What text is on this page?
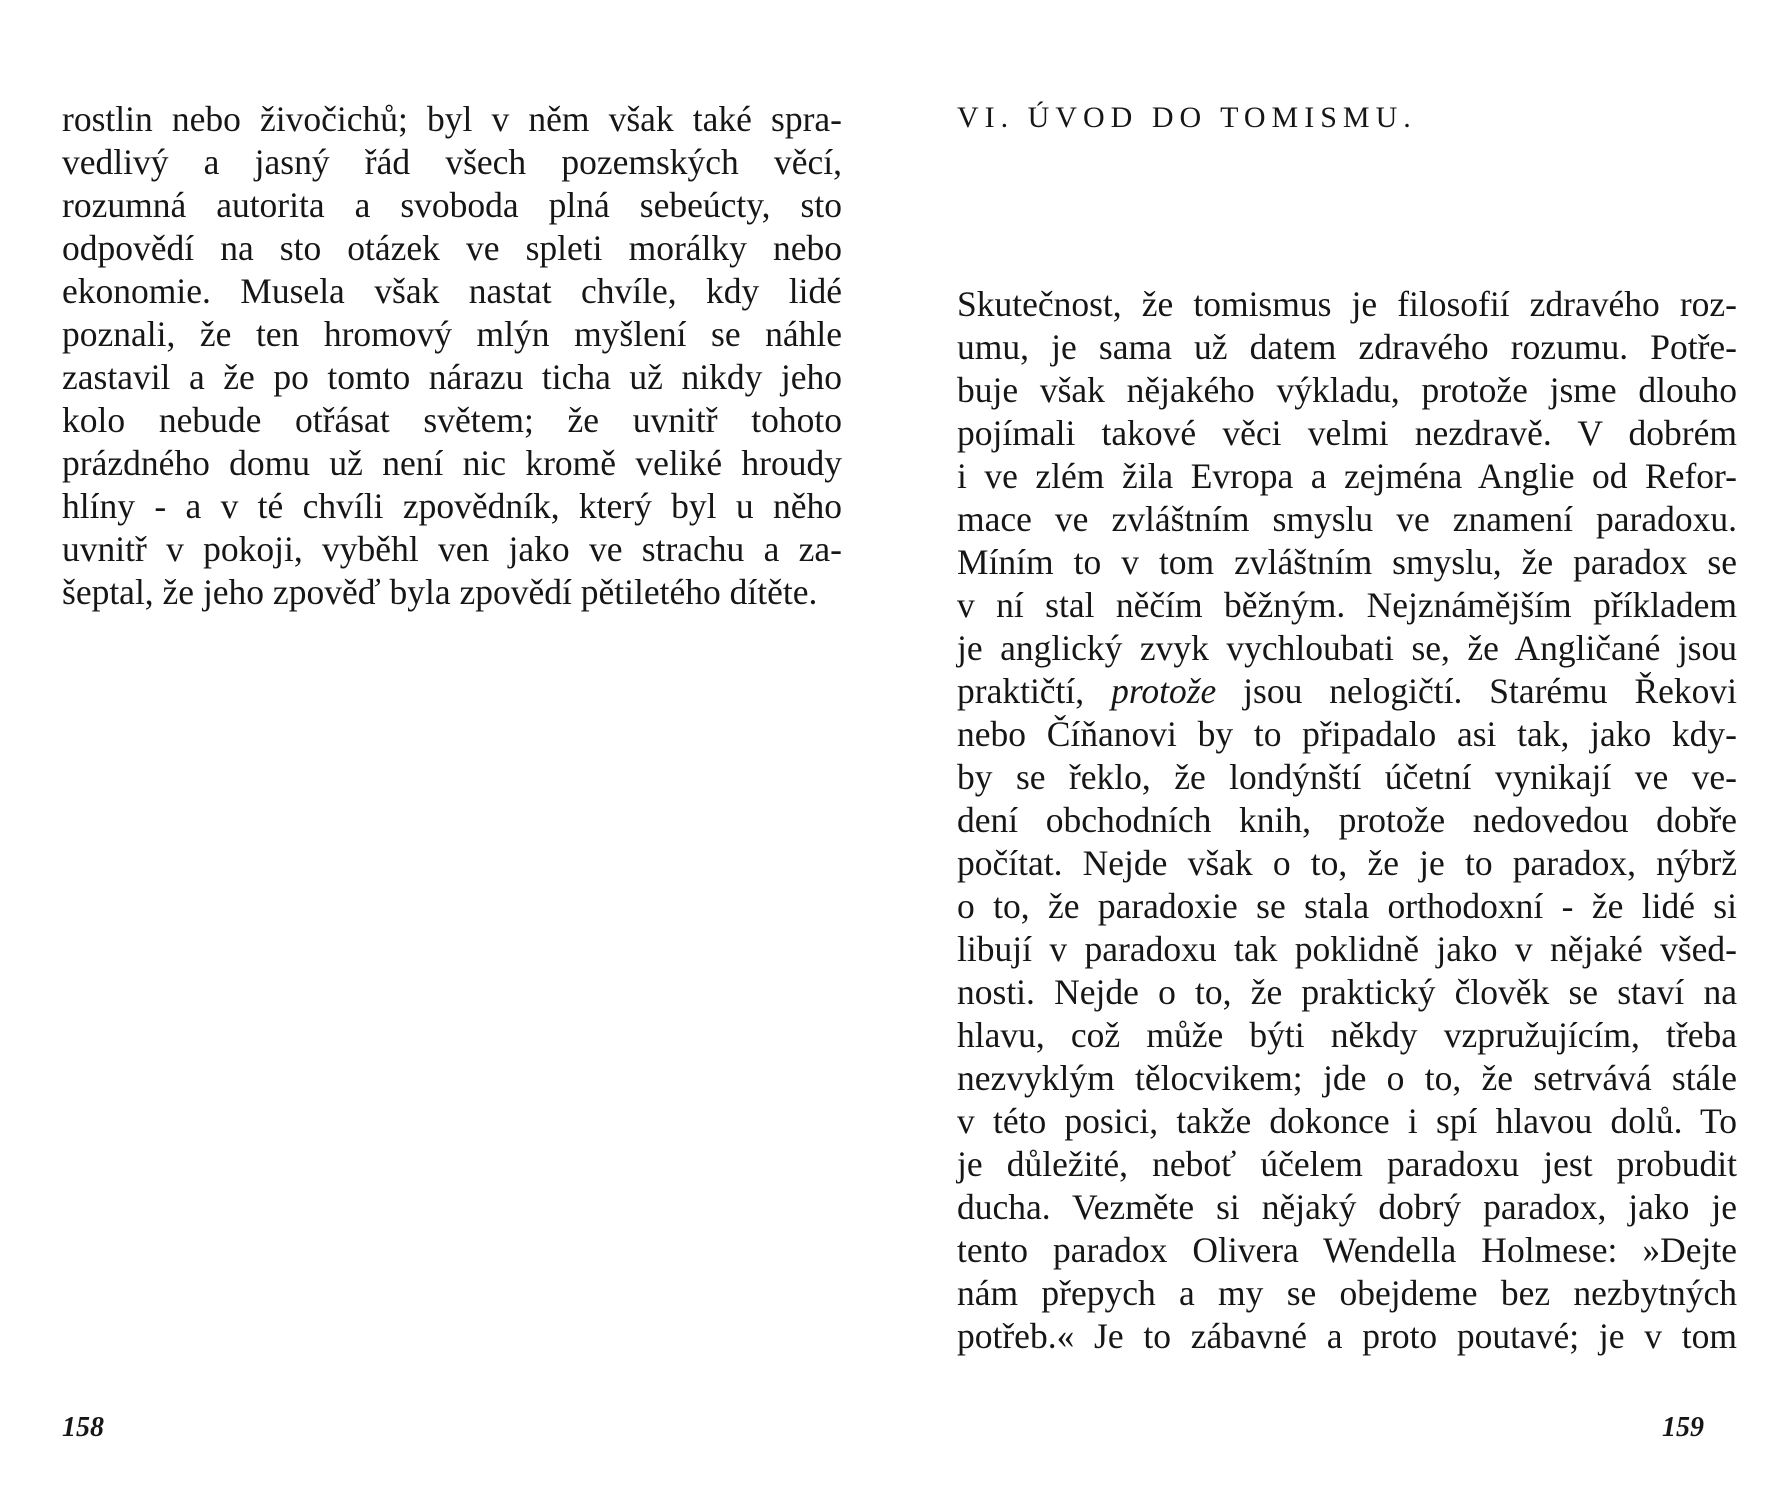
rostlin nebo živočichů; byl v něm však také spra-
vedlivý a jasný řád všech pozemských věcí,
rozumná autorita a svoboda plná sebeúcty, sto
odpovědí na sto otázek ve spleti morálky nebo
ekonomie. Musela však nastat chvíle, kdy lidé
poznali, že ten hromový mlýn myšlení se náhle
zastavil a že po tomto nárazu ticha už nikdy jeho
kolo nebude otřásat světem; že uvnitř tohoto
prázdného domu už není nic kromě veliké hroudy
hlíny - a v té chvíli zpovědník, který byl u něho
uvnitř v pokoji, vyběhl ven jako ve strachu a za-
šeptal, že jeho zpověď byla zpovědí pětiletého dítěte.
158
VI. ÚVOD DO TOMISMU.
Skutečnost, že tomismus je filosofií zdravého roz-
umu, je sama už datem zdravého rozumu. Potře-
buje však nějakého výkladu, protože jsme dlouho
pojímali takové věci velmi nezdravě. V dobrém
i ve zlém žila Evropa a zejména Anglie od Refor-
mace ve zvláštním smyslu ve znamení paradoxu.
Míním to v tom zvláštním smyslu, že paradox se
v ní stal něčím běžným. Nejznámějším příkladem
je anglický zvyk vychloubati se, že Angličané jsou
praktičtí, protože jsou nelogičtí. Starému Řekovi
nebo Číňanovi by to připadalo asi tak, jako kdy-
by se řeklo, že londýnští účetní vynikají ve ve-
dení obchodních knih, protože nedovedou dobře
počítat. Nejde však o to, že je to paradox, nýbrž
o to, že paradoxie se stala orthodoxní - že lidé si
libují v paradoxu tak poklidně jako v nějaké všed-
nosti. Nejde o to, že praktický člověk se staví na
hlavu, což může býti někdy vzpružujícím, třeba
nezvyklým tělocvikem; jde o to, že setrvává stále
v této posici, takže dokonce i spí hlavou dolů. To
je důležité, neboť účelem paradoxu jest probudit
ducha. Vezměte si nějaký dobrý paradox, jako je
tento paradox Olivera Wendella Holmese: »Dejte
nám přepych a my se obejdeme bez nezbytných
potřeb.« Je to zábavné a proto poutavé; je v tom
159
